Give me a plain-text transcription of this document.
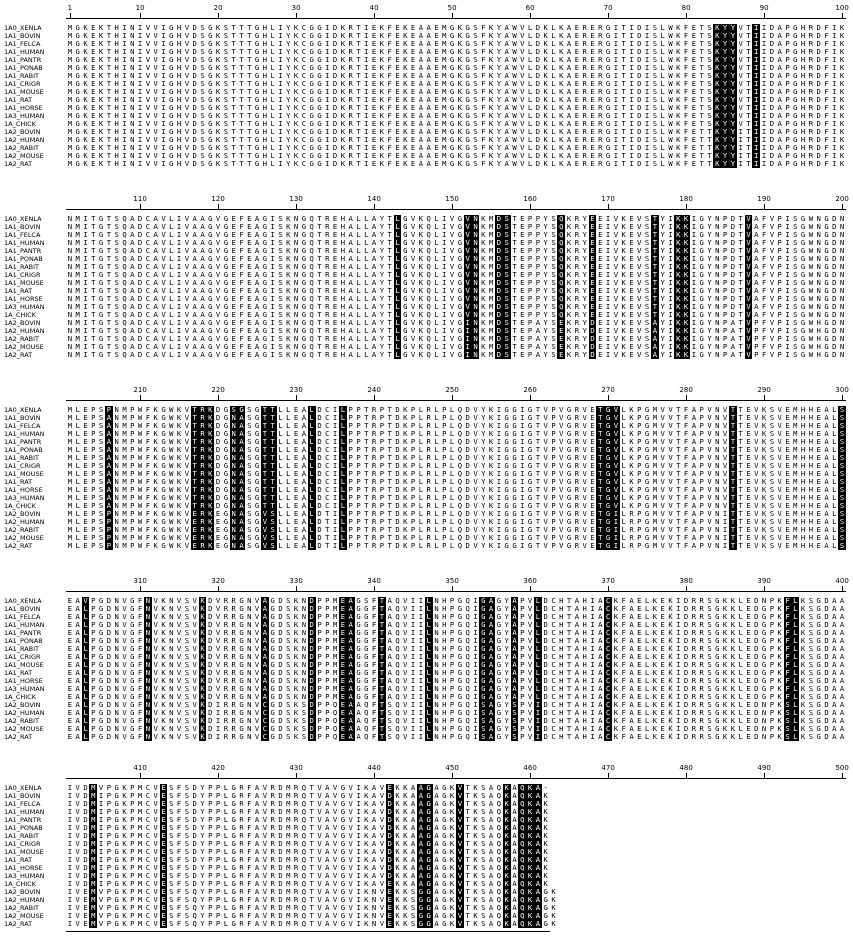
1	10	20	30	40	50	60	70	80	90	100
1A0_XENLA	M G K E K T H I N I V V I G H V D S G K S T T T G H L I Y K C G G I D K R T I E K F E K E A A E M G K G S F K Y A W V L D K L K A E R E R G I T I D I S L W K F E T S K Y Y V T I I D A P G H R D F I K
1A1_BOVIN	M G K E K T H I N I V V I G H V D S G K S T T T G H L I Y K C G G I D K R T I E K F E K E A A E M G K G S F K Y A W V L D K L K A E R E R G I T I D I S L W K F E T S K Y Y V T I I D A P G H R D F I K
1A1_FELCA	M G K E K T H I N I V V I G H V D S G K S T T T G H L I Y K C G G I D K R T I E K F E K E A A E M G K G S F K Y A W V L D K L K A E R E R G I T I D I S L W K F E T S K Y Y V T I I D A P G H R D F I K
1A1_HUMAN	M G K E K T H I N I V V I G H V D S G K S T T T G H L I Y K C G G I D K R T I E K F E K E A A E M G K G S F K Y A W V L D K L K A E R E R G I T I D I S L W K F E T S K Y Y V T I I D A P G H R D F I K
1A1_PANTR	M G K E K T H I N I V V I G H V D S G K S T T T G H L I Y K C G G I D K R T I E K F E K E A A E M G K G S F K Y A W V L D K L K A E R E R G I T I D I S L W K F E T S K Y Y V T I I D A P G H R D F I K
1A1_PONAB	M G K E K T H I N I V V I G H V D S G K S T T T G H L I Y K C G G I D K R T I E K F E K E A A E M G K G S F K Y A W V L D K L K A E R E R G I T I D I S L W K F E T S K Y Y V T I I D A P G H R D F I K
1A1_RABIT	M G K E K T H I N I V V I G H V D S G K S T T T G H L I Y K C G G I D K R T I E K F E K E A A E M G K G S F K Y A W V L D K L K A E R E R G I T I D I S L W K F E T S K Y Y V T I I D A P G H R D F I K
1A1_CRIGR	M G K E K T H I N I V V I G H V D S G K S T T T G H L I Y K C G G I D K R T I E K F E K E A A E M G K G S F K Y A W V L D K L K A E R E R G I T I D I S L W K F E T S K Y Y V T I I D A P G H R D F I K
1A1_MOUSE	M G K E K T H I N I V V I G H V D S G K S T T T G H L I Y K C G G I D K R T I E K F E K E A A E M G K G S F K Y A W V L D K L K A E R E R G I T I D I S L W K F E T S K Y Y V T I I D A P G H R D F I K
1A1_RAT	M G K E K T H I N I V V I G H V D S G K S T T T G H L I Y K C G G I D K R T I E K F E K E A A E M G K G S F K Y A W V L D K L K A E R E R G I T I D I S L W K F E T S K Y Y V T I I D A P G H R D F I K
1A1_HORSE	M G K E K T H I N I V V I G H V D S G K S T T T G H L I Y K C G G I D K R T I E K F E K E A A E M G K G S F K Y A W V L D K L K A E R E R G I T I D I S L W K F E T S K Y Y V T I I D A P G H R D F I K
1A3_HUMAN	M G K E K T H I N I V V I G H V D S G K S T T T G H L I Y K C G G I D K R T I E K F E K E A A E M G K G S F K Y A W V L D K L K A E R E R G I T I D I S L W K F E T S K Y Y V T I I D A P G H R D F I K
1A_CHICK	M G K E K T H I N I V V I G H V D S G K S T T T G H L I Y K C G G I D K R T I E K F E K E A A E M G K G S F K Y A W V L D K L K A E R E R G I T I D I S L W K F E T S K Y Y V T I I D A P G H R D F I K
1A2_BOVIN	M G K E K T H I N I V V I G H V D S G K S T T T G H L I Y K C G G I D K R T I E K F E K E A A E M G K G S F K Y A W V L D K L K A E R E R G I T I D I S L W K F E T T K Y Y I T I I D A P G H R D F I K
1A2_HUMAN	M G K E K T H I N I V V I G H V D S G K S T T T G H L I Y K C G G I D K R T I E K F E K E A A E M G K G S F K Y A W V L D K L K A E R E R G I T I D I S L W K F E T T K Y Y I T I I D A P G H R D F I K
1A2_RABIT	M G K E K T H I N I V V I G H V D S G K S T T T G H L I Y K C G G I D K R T I E K F E K E A A E M G K G S F K Y A W V L D K L K A E R E R G I T I D I S L W K F E T T K Y Y I T I I D A P G H R D F I K
1A2_MOUSE	M G K E K T H I N I V V I G H V D S G K S T T T G H L I Y K C G G I D K R T I E K F E K E A A E M G K G S F K Y A W V L D K L K A E R E R G I T I D I S L W K F E T T K Y Y I T I I D A P G H R D F I K
1A2_RAT	M G K E K T H I N I V V I G H V D S G K S T T T G H L I Y K C G G I D K R T I E K F E K E A A E M G K G S F K Y A W V L D K L K A E R E R G I T I D I S L W K F E T T K Y Y I T I I D A P G H R D F I K
110	120	130	140	150	160	170	180	190	200
1A0_XENLA	N M I T G T S Q A D C A V L I V A A G V G E F E A G I S K N G Q T R E H A L L A Y T L G V K Q L I V G V N K M D S T E P P Y S Q K R Y E E I V K E V S T Y I K K I G Y N P D T V A F V P I S G W N G D N
1A1_BOVIN	N M I T G T S Q A D C A V L I V A A G V G E F E A G I S K N G Q T R E H A L L A Y T L G V K Q L I V G V N K M D S T E P P Y S Q K R Y E E I V K E V S T Y I K K I G Y N P D T V A F V P I S G W N G D N
1A1_FELCA	N M I T G T S Q A D C A V L I V A A G V G E F E A G I S K N G Q T R E H A L L A Y T L G V K Q L I V G V N K M D S T E P P Y S Q K R Y E E I V K E V S T Y I K K I G Y N P D T V A F V P I S G W N G D N
1A1_HUMAN	N M I T G T S Q A D C A V L I V A A G V G E F E A G I S K N G Q T R E H A L L A Y T L G V K Q L I V G V N K M D S T E P P Y S Q K R Y E E I V K E V S T Y I K K I G Y N P D T V A F V P I S G W N G D N
1A1_PANTR	N M I T G T S Q A D C A V L I V A A G V G E F E A G I S K N G Q T R E H A L L A Y T L G V K Q L I V G V N K M D S T E P P Y S Q K R Y E E I V K E V S T Y I K K I G Y N P D T V A F V P I S G W N G D N
1A1_PONAB	N M I T G T S Q A D C A V L I V A A G V G E F E A G I S K N G Q T R E H A L L A Y T L G V K Q L I V G V N K M D S T E P P Y S Q K R Y E E I V K E V S T Y I K K I G Y N P D T V A F V P I S G W N G D N
1A1_RABIT	N M I T G T S Q A D C A V L I V A A G V G E F E A G I S K N G Q T R E H A L L A Y T L G V K Q L I V G V N K M D S T E P P Y S Q K R Y E E I V K E V S T Y I K K I G Y N P D T V A F V P I S G W N G D N
1A1_CRIGR	N M I T G T S Q A D C A V L I V A A G V G E F E A G I S K N G Q T R E H A L L A Y T L G V K Q L I V G V N K M D S T E P P Y S Q K R Y E E I V K E V S T Y I K K I G Y N P D T V A F V P I S G W N G D N
1A1_MOUSE	N M I T G T S Q A D C A V L I V A A G V G E F E A G I S K N G Q T R E H A L L A Y T L G V K Q L I V G V N K M D S T E P P Y S Q K R Y E E I V K E V S T Y I K K I G Y N P D T V A F V P I S G W N G D N
1A1_RAT	N M I T G T S Q A D C A V L I V A A G V G E F E A G I S K N G Q T R E H A L L A Y T L G V K Q L I V G V N K M D S T E P P Y S Q K R Y E E I V K E V S T Y I K K I G Y N P D T V A F V P I S G W N G D N
1A1_HORSE	N M I T G T S Q A D C A V L I V A A G V G E F E A G I S K N G Q T R E H A L L A Y T L G V K Q L I V G V N K M D S T E P P Y S Q K R Y E E I V K E V S T Y I K K I G Y N P D T V A F V P I S G W N G D N
1A3_HUMAN	N M I T G T S Q A D C A V L I V A A G V G E F E A G I S K N G Q T R E H A L L A Y T L G V K Q L I V G V N K M D S T E P P Y S Q K R Y E E I V K E V S T Y I K K I G Y N P D T V A F V P I S G W N G D N
1A_CHICK	N M I T G T S Q A D C A V L I V A A G V G E F E A G I S K N G Q T R E H A L L A Y T L G V K Q L I V G V N K M D S T E P P Y S Q K R Y E E I V K E V S T Y I K K I G Y N P D T V A F V P I S G W N G D N
1A2_BOVIN	N M I T G T S Q A D C A V L I V A A G V G E F E A G I S K N G Q T R E H A L L A Y T L G V K Q L I V G I N K M D S T E P A Y S E K R Y D E I V K E V S A Y I K K I G Y N P A T V P F V P I S G W H G D N
1A2_HUMAN	N M I T G T S Q A D C A V L I V A A G V G E F E A G I S K N G Q T R E H A L L A Y T L G V K Q L I V G I N K M D S T E P A Y S E K R Y D E I V K E V S A Y I K K I G Y N P A T V P F V P I S G W H G D N
1A2_RABIT	N M I T G T S Q A D C A V L I V A A G V G E F E A G I S K N G Q T R E H A L L A Y T L G V K Q L I V G I N K M D S T E P A Y S E K R Y D E I V K E V S A Y I K K I G Y N P A T V P F V P I S G W H G D N
1A2_MOUSE	N M I T G T S Q A D C A V L I V A A G V G E F E A G I S K N G Q T R E H A L L A Y T L G V K Q L I V G I N K M D S T E P A Y S E K R Y D E I V K E V S A Y I K K I G Y N P A T V P F V P I S G W H G D N
1A2_RAT	N M I T G T S Q A D C A V L I V A A G V G E F E A G I S K N G Q T R E H A L L A Y T L G V K Q L I V G I N K M D S T E P A Y S E K R Y D E I V K E V S A Y I K K I G Y N P A T V P F V P I S G W H G D N
210	220	230	240	250	260	270	280	290	300
1A0_XENLA	M L E P S P N M P W F K G W K V T R K D G S G S G T T L L E A L D C I L P P T R P T D K P L R L P L Q D V Y K I G G I G T V P V G R V E T G V L K P G M V V T F A P V N V T T E V K S V E M H H E A L S
1A1_BOVIN	M L E P S A N M P W F K G W K V T R K D G N A S G T T L L E A L D C I L P P T R P T D K P L R L P L Q D V Y K I G G I G T V P V G R V E T G V L K P G M V V T F A P V N V T T E V K S V E M H H E A L S
1A1_FELCA	M L E P S A N M P W F K G W K V T R K D G N A S G T T L L E A L D C I L P P T R P T D K P L R L P L Q D V Y K I G G I G T V P V G R V E T G V L K P G M V V T F A P V N V T T E V K S V E M H H E A L S
1A1_HUMAN	M L E P S A N M P W F K G W K V T R K D G N A S G T T L L E A L D C I L P P T R P T D K P L R L P L Q D V Y K I G G I G T V P V G R V E T G V L K P G M V V T F A P V N V T T E V K S V E M H H E A L S
1A1_PANTR	M L E P S A N M P W F K G W K V T R K D G N A S G T T L L E A L D C I L P P T R P T D K P L R L P L Q D V Y K I G G I G T V P V G R V E T G V L K P G M V V T F A P V N V T T E V K S V E M H H E A L S
1A1_PONAB	M L E P S A N M P W F K G W K V T R K D G N A S G T T L L E A L D C I L P P T R P T D K P L R L P L Q D V Y K I G G I G T V P V G R V E T G V L K P G M V V T F A P V N V T T E V K S V E M H H E A L S
1A1_RABIT	M L E P S A N M P W F K G W K V T R K D G N A S G T T L L E A L D C I L P P T R P T D K P L R L P L Q D V Y K I G G I G T V P V G R V E T G V L K P G M V V T F A P V N V T T E V K S V E M H H E A L S
1A1_CRIGR	M L E P S A N M P W F K G W K V T R K D G N A S G T T L L E A L D C I L P P T R P T D K P L R L P L Q D V Y K I G G I G T V P V G R V E T G V L K P G M V V T F A P V N V T T E V K S V E M H H E A L S
1A1_MOUSE	M L E P S A N M P W F K G W K V T R K D G N A S G T T L L E A L D C I L P P T R P T D K P L R L P L Q D V Y K I G G I G T V P V G R V E T G V L K P G M V V T F A P V N V T T E V K S V E M H H E A L S
1A1_RAT	M L E P S A N M P W F K G W K V T R K D G N A S G T T L L E A L D C I L P P T R P T D K P L R L P L Q D V Y K I G G I G T V P V G R V E T G V L K P G M V V T F A P V N V T T E V K S V E M H H E A L S
1A1_HORSE	M L E P S A N M P W F K G W K V T R K D G N A S G T T L L E A L D C I L P P T R P T D K P L R L P L Q D V Y K I G G I G T V P V G R V E T G V L K P G M V V T F A P V N V T T E V K S V E M H H E A L S
1A3_HUMAN	M L E P S A N M P W F K G W K V T R K D G N A S G T T L L E A L D C I L P P T R P T D K P L R L P L Q D V Y K I G G I G T V P V G R V E T G V L K P G M V V T F A P V N V T T E V K S V E M H H E A L S
1A_CHICK	M L E P S A N M P W F K G W K V T R K D G N A S G T T L L E A L D C I L P P T R P T D K P L R L P L Q D V Y K I G G I G T V P V G R V E T G V L K P G M V V T F A P V N V T T E V K S V E M H H E A L S
1A2_BOVIN	M L E P S P N M P W F K G W K V E R K E G N A S G V S L L E A L D T I L P P T R P T D K P L R L P L Q D V Y K I G G I G T V P V G R V E T G I L R P G M V V T F A P V N I T T E V K S V E M H H E A L S
1A2_HUMAN	M L E P S P N M P W F K G W K V E R K E G N A S G V S L L E A L D T I L P P T R P T D K P L R L P L Q D V Y K I G G I G T V P V G R V E T G I L R P G M V V T F A P V N I T T E V K S V E M H H E A L S
1A2_RABIT	M L E P S P N M P W F K G W K V E R K E G N A S G V S L L E A L D T I L P P T R P T D K P L R L P L Q D V Y K I G G I G T V P V G R V E T G I L R P G M V V T F A P V N I T T E V K S V E M H H E A L S
1A2_MOUSE	M L E P S P N M P W F K G W K V E R K E G N A S G V S L L E A L D T I L P P T R P T D K P L R L P L Q D V Y K I G G I G T V P V G R V E T G I L R P G M V V T F A P V N I T T E V K S V E M H H E A L S
1A2_RAT	M L E P S P N M P W F K G W K V E R K E G N A S G V S L L E A L D T I L P P T R P T D K P L R L P L Q D V Y K I G G I G T V P V G R V E T G I L R P G M V V T F A P V N I T T E V K S V E M H H E A L S
310	320	330	340	350	360	370	380	390	400
1A0_XENLA	E A V P G D N V G F N V K N V S V K D V R R G N V A G D S K N D P P M E A G S F T A Q V I I L N H P G Q I G A G Y A P V L D C H T A H I A C K F A E L K E K I D R R S G K K L E D N P K F L K S G D A A
1A1_BOVIN	E A L P G D N V G F N V K N V S V K D V R R G N V A G D S K N D P P M E A G G F T A Q V I I L N H P G Q I G A G Y A P V L D C H T A H I A C K F A E L K E K I D R R S G K K L E D G P K F L K S G D A A
1A1_FELCA	E A L P G D N V G F N V K N V S V K D V R R G N V A G D S K N D P P M E A G G F T A Q V I I L N H P G Q I G A G Y A P V L D C H T A H I A C K F A E L K E K I D R R S G K K L E D G P K F L K S G D A A
1A1_HUMAN	E A L P G D N V G F N V K N V S V K D V R R G N V A G D S K N D P P M E A G G F T A Q V I I L N H P G Q I G A G Y A P V L D C H T A H I A C K F A E L K E K I D R R S G K K L E D G P K F L K S G D A A
1A1_PANTR	E A L P G D N V G F N V K N V S V K D V R R G N V A G D S K N D P P M E A G G F T A Q V I I L N H P G Q I G A G Y A P V L D C H T A H I A C K F A E L K E K I D R R S G K K L E D G P K F L K S G D A A
1A1_PONAB	E A L P G D N V G F N V K N V S V K D V R R G N V A G D S K N D P P M E A G G F T A Q V I I L N H P G Q I G A G Y A P V L D C H T A H I A C K F A E L K E K I D R R S G K K L E D G P K F L K S G D A A
1A1_RABIT	E A L P G D N V G F N V K N V S V K D V R R G N V A G D S K N D P P M E A G G F T A Q V I I L N H P G Q I G A G Y A P V L D C H T A H I A C K F A E L K E K I D R R S G K K L E D G P K F L K S G D A A
1A1_CRIGR	E A L P G D N V G F N V K N V S V K D V R R G N V A G D S K N D P P M E A G G F T A Q V I I L N H P G Q I G A G Y A P V L D C H T A H I A C K F A E L K E K I D R R S G K K L E D G P K F L K S G D A A
1A1_MOUSE	E A L P G D N V G F N V K N V S V K D V R R G N V A G D S K N D P P M E A G G F T A Q V I I L N H P G Q I G A G Y A P V L D C H T A H I A C K F A E L K E K I D R R S G K K L E D G P K F L K S G D A A
1A1_RAT	E A L P G D N V G F N V K N V S V K D V R R G N V A G D S K N D P P M E A G G F T A Q V I I L N H P G Q I G A G Y A P V L D C H T A H I A C K F A E L K E K I D R R S G K K L E D G P K F L K S G D A A
1A1_HORSE	E A L P G D N V G F N V K N V S V K D V R R G N V A G D S K N D P P M E A G G F T A Q V I I L N H P G Q I G A G Y A P V L D C H T A H I A C K F A E L K E K I D R R S G K K L E D G P K F L K S G D A A
1A3_HUMAN	E A L P G D N V G F N V K N V S V K D V R R G N V A G D S K N D P P M E A G G F T A Q V I I L N H P G Q I G A G Y A P V L D C H T A H I A C K F A E L K E K I D R R S G K K L E D G P K F L K S G D A A
1A_CHICK	E A L P G D N V G F N V K N V S V K D V R R G N V A G D S K N D P P M E A G G F T A Q V I I L N H P G Q I G A G Y A P V L D C H T A H I A C K F A E L K E K I D R R S G K K L E D G P K F L K S G D A A
1A2_BOVIN	E A L P G D N V G F N V K N V S V K D I R R G N V C G D S K S D P P Q E A A Q F T S Q V I I L N H P G Q I S A G Y S P V I D C H T A H I A C K F A E L K E K I D R R S G K K L E D N P K S L K S G D A A
1A2_HUMAN	E A L P G D N V G F N V K N V S V K D I R R G N V C G D S K S D P P Q E A A Q F T S Q V I I L N H P G Q I S A G Y S P V I D C H T A H I A C K F A E L K E K I D R R S G K K L E D N P K S L K S G D A A
1A2_RABIT	E A L P G D N V G F N V K N V S V K D I R R G N V C G D S K S D P P Q E A A Q F T S Q V I I L N H P G Q I S A G Y S P V I D C H T A H I A C K F A E L K E K I D R R S G K K L E D N P K S L K S G D A A
1A2_MOUSE	E A L P G D N V G F N V K N V S V K D I R R G N V C G D S K S D P P Q E A A Q F T S Q V I I L N H P G Q I S A G Y S P V I D C H T A H I A C K F A E L K E K I D R R S G K K L E D N P K S L K S G D A A
1A2_RAT	E A L P G D N V G F N V K N V S V K D I R R G N V C G D S K S D P P Q E A A Q F T S Q V I I L N H P G Q I S A G Y S P V I D C H T A H I A C K F A E L K E K I D R R S G K K L E D N P K S L K S G D A A
410	420	430	440	450	460	470	480	490	500
1A0_XENLA	I V D M V P G K P M C V E S F S D Y P P L G R F A V R D M R Q T V A V G V I K A V E K K A A G A G K V T K S A Q K A Q K A -
1A1_BOVIN	I V D M I P G K P M C V E S F S D Y P P L G R F A V R D M R Q T V A V G V I K A V D K K A A G A G K V T K S A Q K A Q K A K
1A1_FELCA	I V D M I P G K P M C V E S F S D Y P P L G R F A V R D M R Q T V A V G V I K A V D K K A A G A G K V T K S A Q K A Q K A K
1A1_HUMAN	I V D M I P G K P M C V E S F S D Y P P L G R F A V R D M R Q T V A V G V I K A V D K K A A G A G K V T K S A Q K A Q K A K
1A1_PANTR	I V D M I P G K P M C V E S F S D Y P P L G R F A V R D M R Q T V A V G V I K A V D K K A A G A G K V T K S A Q K A Q K A K
1A1_PONAB	I V D M I P G K P M C V E S F S D Y P P L G R F A V R D M R Q T V A V G V I K A V D K K A A G A G K V T K S A Q K A Q K A K
1A1_RABIT	I V D M I P G K P M C V E S F S D Y P P L G R F A V R D M R Q T V A V G V I K A V D K K A A G A G K V T K S A Q K A Q K A K
1A1_CRIGR	I V D M I P G K P M C V E S F S D Y P P L G R F A V R D M R Q T V A V G V I K A V D K K A A G A G K V T K S A Q K A Q K A K
1A1_MOUSE	I V D M I P G K P M C V E S F S D Y P P L G R F A V R D M R Q T V A V G V I K A V D K K A A G A G K V T K S A Q K A Q K A K
1A1_RAT	I V D M I P G K P M C V E S F S D Y P P L G R F A V R D M R Q T V A V G V I K A V D K K A A G A G K V T K S A Q K A Q K A K
1A1_HORSE	I V D M I P G K P M C V E S F S D Y P P L G R F A V R D M R Q T V A V G V I K A V D K K A A G A G K V T K S A Q K A Q K A K
1A3_HUMAN	I V D M I P G K P M C V E S F S D Y P P L G R F A V R D M R Q T V A V G V I K A V D K K A A G A G K V T K S A Q K A Q K A K
1A_CHICK	I V D M I P G K P M C V E S F S D Y P P L G R F A V R D M R Q T V A V G V I K A V E K K A A G A G K V T K S A Q K A Q K A K
1A2_BOVIN	I V E M V P G K P M C V E S F S Q Y P P L G R F A V R D M R Q T V A V G V I K N V E K K S G G A G K V T K S A Q K A Q K A G K
1A2_HUMAN	I V E M V P G K P M C V E S F S Q Y P P L G R F A V R D M R Q T V A V G V I K N V E K K S G G A G K V T K S A Q K A Q K A G K
1A2_RABIT	I V E M V P G K P M C V E S F S Q Y P P L G R F A V R D M R Q T V A V G V I K N V E K K S G G A G K V T K S A Q K A Q K A G K
1A2_MOUSE	I V E M V P G K P M C V E S F S Q Y P P L G R F A V R D M R Q T V A V G V I K N V E K K S G G A G K V T K S A Q K A Q K A G K
1A2_RAT	I V E M V P G K P M C V E S F S Q Y P P L G R F A V R D M R Q T V A V G V I K N V E K K S G G A G K V T K S A Q K A Q K A G K
